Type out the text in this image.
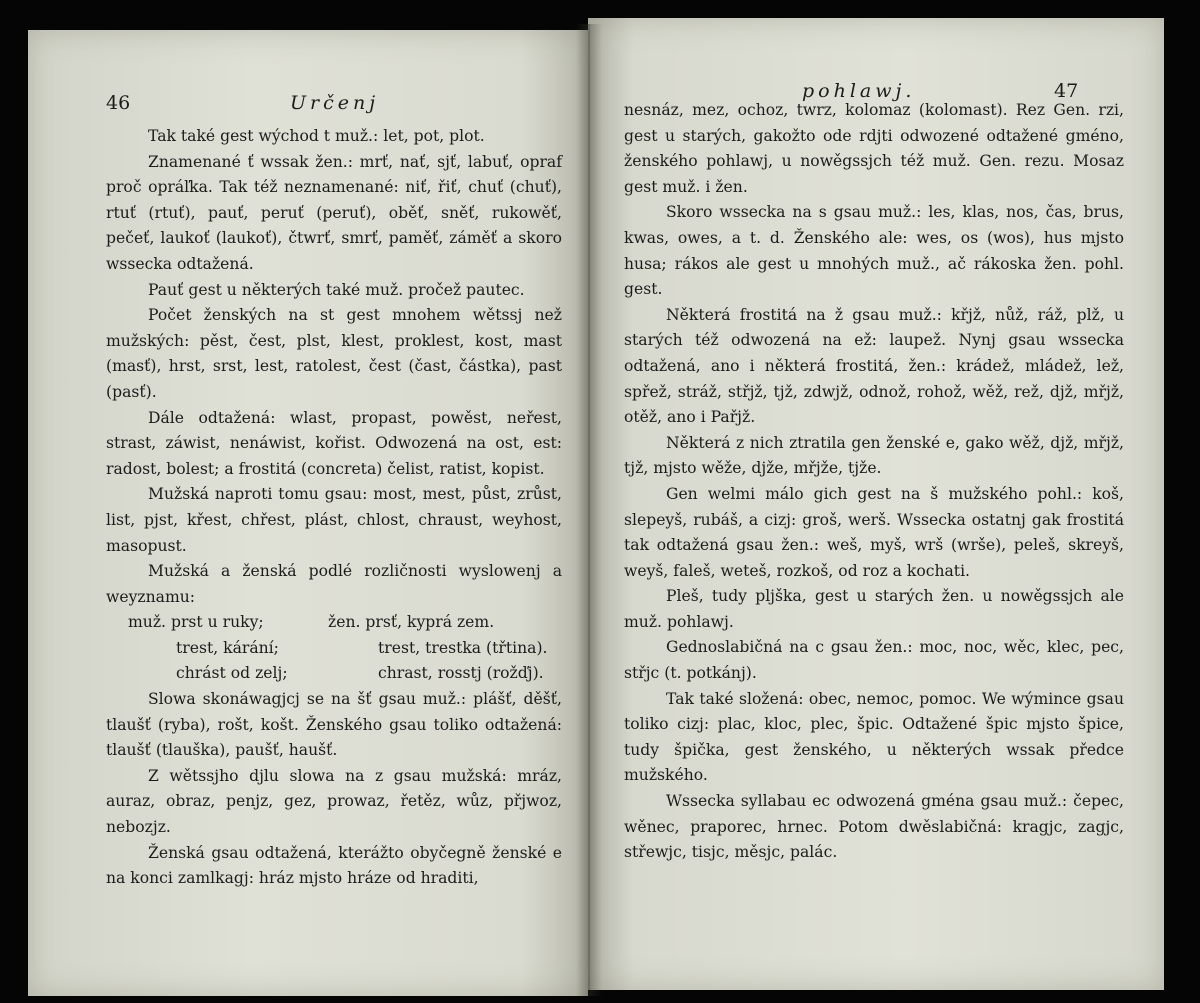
46	Určenj

Tak také gest wýchod t muž.: let, pot, plot.

Znamenané ť wssak žen.: mrť, nať, sjť, labuť, opraf proč opráľka. Tak též neznamenané: niť, řiť, chuť (chuť), rtuť (rtuť), pauť, peruť (peruť), oběť, sněť, rukowěť, pečeť, laukoť (laukoť), čtwrť, smrť, paměť, záměť a skoro wssecka odtažená.

Pauť gest u některých také muž. pročež pautec.

Počet ženských na st gest mnohem wětssj než mužských: pěst, čest, plst, klest, proklest, kost, mast (masť), hrst, srst, lest, ratolest, čest (čast, částka), past (pasť).

Dále odtažená: wlast, propast, powěst, neřest, strast, záwist, nenáwist, kořist. Odwozená na ost, est: radost, bolest; a frostitá (concreta) čelist, ratist, kopist.

Mužská naproti tomu gsau: most, mest, půst, zrůst, list, pjst, křest, chřest, plást, chlost, chraust, weyhost, masopust.

Mužská a ženská podlé rozličnosti wyslowenj a weyznamu:

muž. prst u ruky;	žen. prsť, kyprá zem.
trest, kárání;	trest, trestka (třtina).
chrást od zelj;	chrast, rosstj (rožďj).

Slowa skonáwagjcj se na šť gsau muž.: plášť, děšť, tlaušť (ryba), rošt, košt. Ženského gsau toliko odtažená: tlaušť (tlauška), paušť, haušť.

Z wětssjho djlu slowa na z gsau mužská: mráz, auraz, obraz, penjz, gez, prowaz, řetěz, wůz, přjwoz, nebozjz.

Ženská gsau odtažená, kterážto obyčegně ženské e na konci zamlkagj: hráz mjsto hráze od hraditi,

pohlawj.	47

nesnáz, mez, ochoz, twrz, kolomaz (kolomast). Rez Gen. rzi, gest u starých, gakožto ode rdjti odwozené odtažené gméno, ženského pohlawj, u nowěgssjch též muž. Gen. rezu. Mosaz gest muž. i žen.

Skoro wssecka na s gsau muž.: les, klas, nos, čas, brus, kwas, owes, a t. d. Ženského ale: wes, os (wos), hus mjsto husa; rákos ale gest u mnohých muž., ač rákoska žen. pohl. gest.

Některá frostitá na ž gsau muž.: křjž, nůž, ráž, plž, u starých též odwozená na ež: laupež. Nynj gsau wssecka odtažená, ano i některá frostitá, žen.: krádež, mládež, lež, spřež, stráž, střjž, tjž, zdwjž, odnož, rohož, wěž, rež, djž, mřjž, otěž, ano i Pařjž.

Některá z nich ztratila gen ženské e, gako wěž, djž, mřjž, tjž, mjsto wěže, djže, mřjže, tjže.

Gen welmi málo gich gest na š mužského pohl.: koš, slepeyš, rubáš, a cizj: groš, werš. Wssecka ostatnj gak frostitá tak odtažená gsau žen.: weš, myš, wrš (wrše), peleš, skreyš, weyš, faleš, weteš, rozkoš, od roz a kochati.

Pleš, tudy pljška, gest u starých žen. u nowěgssjch ale muž. pohlawj.

Gednoslabičná na c gsau žen.: moc, noc, wěc, klec, pec, střjc (t. potkánj).

Tak také složená: obec, nemoc, pomoc. We wýmince gsau toliko cizj: plac, kloc, plec, špic. Odtažené špic mjsto špice, tudy špička, gest ženského, u některých wssak předce mužského.

Wssecka syllabau ec odwozená gména gsau muž.: čepec, wěnec, praporec, hrnec. Potom dwěslabičná: kragjc, zagjc, střewjc, tisjc, měsjc, palác.
